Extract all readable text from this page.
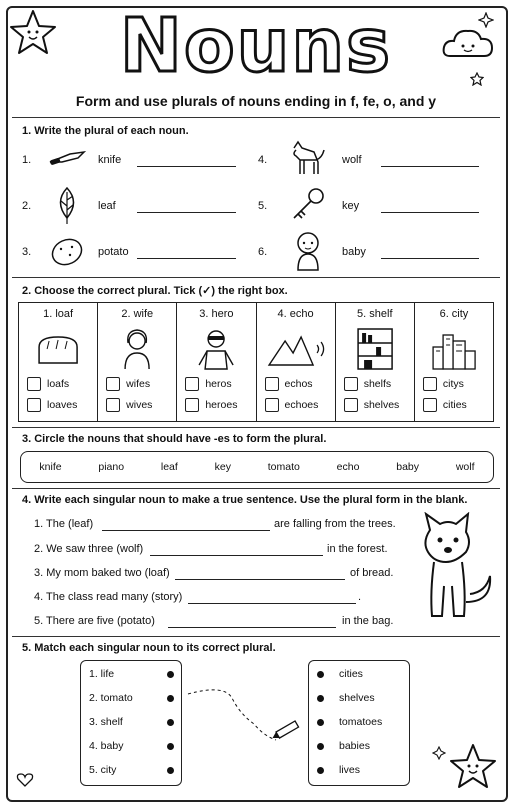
Nouns
Form and use plurals of nouns ending in f, fe, o, and y
1. Write the plural of each noun.
1.	knife
2.	leaf
3.	potato
4.	wolf
5.	key
6.	baby
2. Choose the correct plural. Tick (✓) the right box.
1. loaf
loafs
loaves
2. wife
wifes
wives
3. hero
heros
heroes
4. echo
echos
echoes
5. shelf
shelfs
shelves
6. city
citys
cities
3. Circle the nouns that should have -es to form the plural.
knife	piano	leaf	key	tomato	echo	baby	wolf
4. Write each singular noun to make a true sentence. Use the plural form in the blank.
1. The (leaf)	are falling from the trees.
2. We saw three (wolf)	in the forest.
3. My mom baked two (loaf)	of bread.
4. The class read many (story)	.
5. There are five (potato)	in the bag.
5. Match each singular noun to its correct plural.
1. life
2. tomato
3. shelf
4. baby
5. city
cities
shelves
tomatoes
babies
lives
